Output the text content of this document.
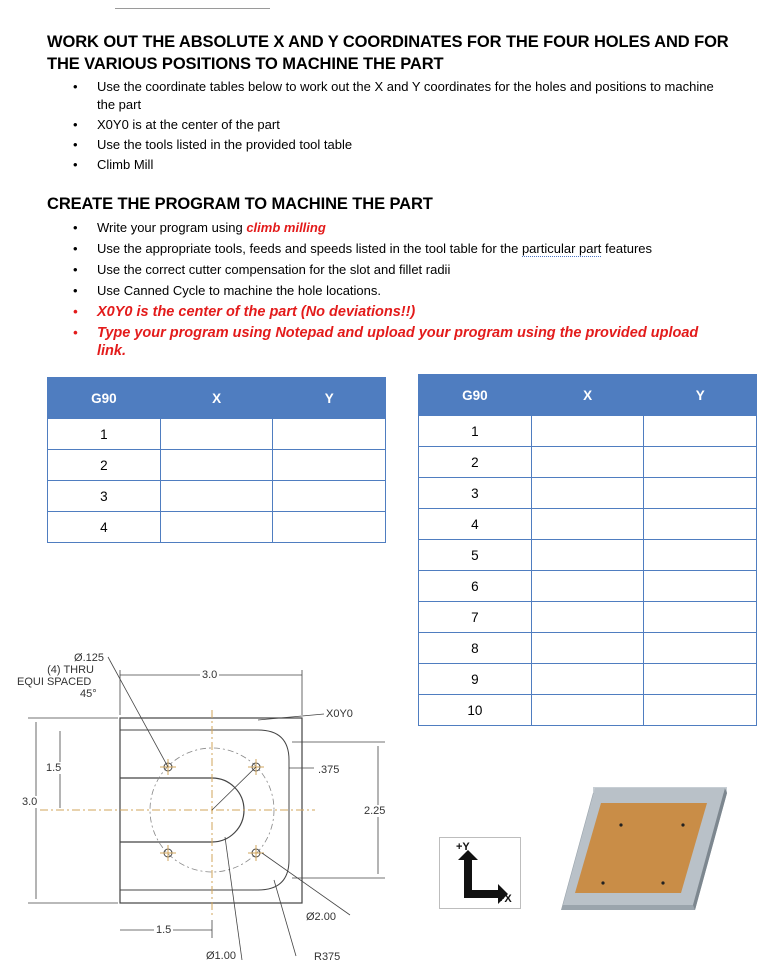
WORK OUT THE ABSOLUTE X AND Y COORDINATES FOR THE FOUR HOLES AND FOR THE VARIOUS POSITIONS TO MACHINE THE PART
• Use the coordinate tables below to work out the X and Y coordinates for the holes and positions to machine the part
• X0Y0 is at the center of the part
• Use the tools listed in the provided tool table
• Climb Mill
CREATE THE PROGRAM TO MACHINE THE PART
• Write your program using climb milling
• Use the appropriate tools, feeds and speeds listed in the tool table for the particular part features
• Use the correct cutter compensation for the slot and fillet radii
• Use Canned Cycle to machine the hole locations.
• X0Y0 is the center of the part (No deviations!!)
• Type your program using Notepad and upload your program using the provided upload link.
G90	X	Y
1		
2		
3		
4		
G90	X	Y
1		
2		
3		
4		
5		
6		
7		
8		
9		
10		
Ø.125
(4) THRU
EQUI SPACED
45°
3.0
3.0
1.5
1.5
X0Y0
.375
2.25
Ø2.00
Ø1.00	R375
+Y
+X
